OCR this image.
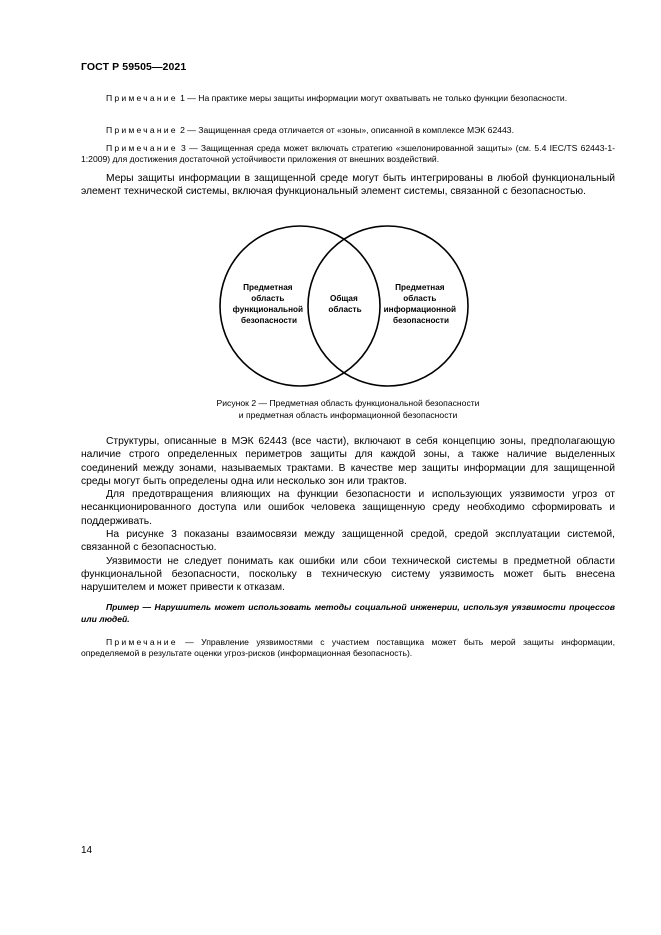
ГОСТ Р 59505—2021

Примечание 1 — На практике меры защиты информации могут охватывать не только функции безопасности.

Примечание 2 — Защищенная среда отличается от «зоны», описанной в комплексе МЭК 62443.

Примечание 3 — Защищенная среда может включать стратегию «эшелонированной защиты» (см. 5.4 IEC/TS 62443-1-1:2009) для достижения достаточной устойчивости приложения от внешних воздействий.

Меры защиты информации в защищенной среде могут быть интегрированы в любой функциональный элемент технической системы, включая функциональный элемент системы, связанной с безопасностью.

Предметная область функциональной безопасности
Общая область
Предметная область информационной безопасности
Рисунок 2 — Предметная область функциональной безопасности
и предметная область информационной безопасности

Структуры, описанные в МЭК 62443 (все части), включают в себя концепцию зоны, предполагающую наличие строго определенных периметров защиты для каждой зоны, а также наличие выделенных соединений между зонами, называемых трактами. В качестве мер защиты информации для защищенной среды могут быть определены одна или несколько зон или трактов.

Для предотвращения влияющих на функции безопасности и использующих уязвимости угроз от несанкционированного доступа или ошибок человека защищенную среду необходимо сформировать и поддерживать.

На рисунке 3 показаны взаимосвязи между защищенной средой, средой эксплуатации системой, связанной с безопасностью.

Уязвимости не следует понимать как ошибки или сбои технической системы в предметной области функциональной безопасности, поскольку в техническую систему уязвимость может быть внесена нарушителем и может привести к отказам.

Пример — Нарушитель может использовать методы социальной инженерии, используя уязвимости процессов или людей.

Примечание — Управление уязвимостями с участием поставщика может быть мерой защиты информации, определяемой в результате оценки угроз-рисков (информационная безопасность).

14
